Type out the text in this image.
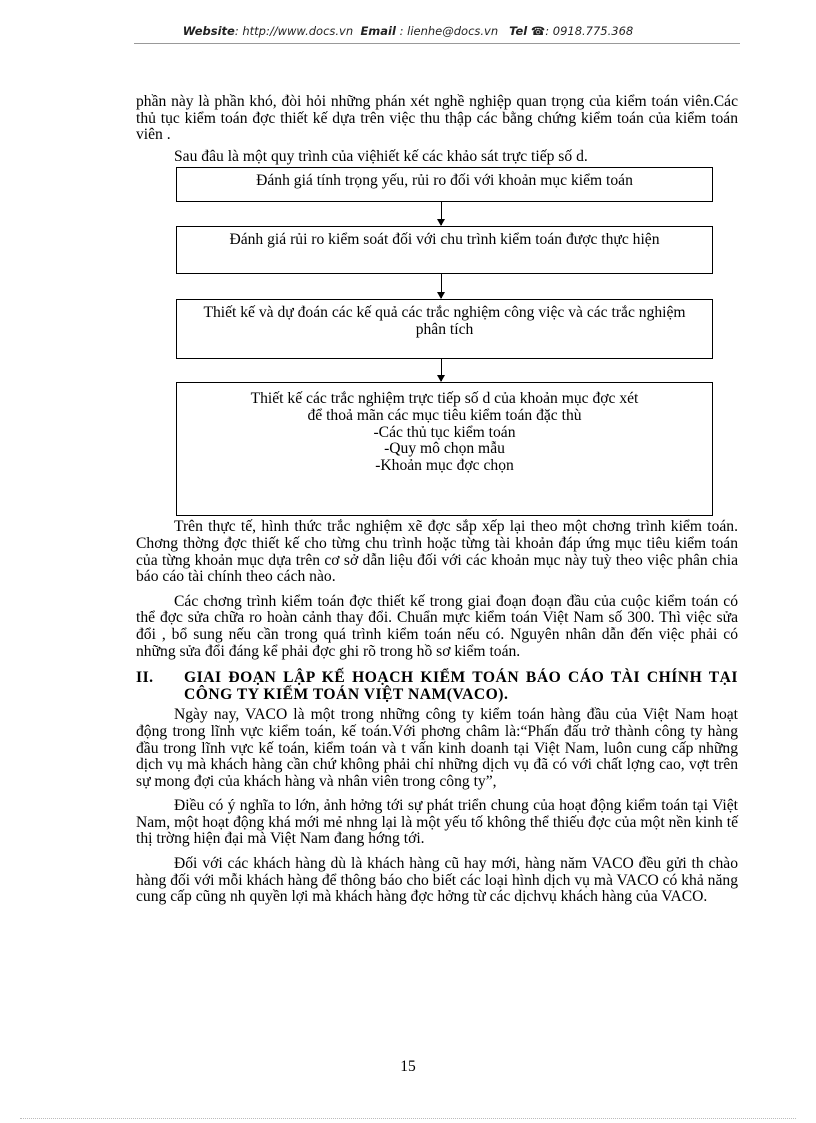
Website: http://www.docs.vn Email : lienhe@docs.vn Tel ☎: 0918.775.368

phần này là phần khó, đòi hỏi những phán xét nghề nghiệp quan trọng của kiểm toán viên.Các thủ tục kiểm toán đợc thiết kế dựa trên việc thu thập các bằng chứng kiểm toán của kiểm toán viên .

Sau đâu là một quy trình của việhiết kế các khảo sát trực tiếp số d.

Đánh giá tính trọng yếu, rủi ro đối với khoản mục kiểm toán
Đánh giá rủi ro kiểm soát đối với chu trình kiểm toán được thực hiện
Thiết kế và dự đoán các kế quả các trắc nghiệm công việc và các trắc nghiệm phân tích
Thiết kế các trắc nghiệm trực tiếp số d của khoản mục đợc xét
để thoả mãn các mục tiêu kiểm toán đặc thù
-Các thủ tục kiểm toán
-Quy mô chọn mẫu
-Khoản mục đợc chọn

Trên thực tế, hình thức trắc nghiệm xẽ đợc sắp xếp lại theo một chơng trình kiểm toán. Chơng thờng đợc thiết kế cho từng chu trình hoặc từng tài khoản đáp ứng mục tiêu kiểm toán của từng khoản mục dựa trên cơ sở dẫn liệu đối với các khoản mục này tuỳ theo việc phân chia báo cáo tài chính theo cách nào.

Các chơng trình kiểm toán đợc thiết kế trong giai đoạn đoạn đầu của cuộc kiểm toán có thể đợc sửa chữa ro hoàn cảnh thay đổi. Chuẩn mực kiểm toán Việt Nam số 300. Thì việc sửa đổi , bổ sung nếu cần trong quá trình kiểm toán nếu có. Nguyên nhân dẫn đến việc phải có những sửa đổi đáng kể phải đợc ghi rõ trong hồ sơ kiểm toán.

II.	GIAI ĐOẠN LẬP KẾ HOẠCH KIỂM TOÁN BÁO CÁO TÀI CHÍNH TẠI CÔNG TY KIỂM TOÁN VIỆT NAM(VACO).

Ngày nay, VACO là một trong những công ty kiểm toán hàng đầu của Việt Nam hoạt động trong lĩnh vực kiểm toán, kế toán.Với phơng châm là:“Phấn đấu trở thành công ty hàng đầu trong lĩnh vực kế toán, kiểm toán và t vấn kinh doanh tại Việt Nam, luôn cung cấp những dịch vụ mà khách hàng cần chứ không phải chỉ những dịch vụ đã có với chất lợng cao, vợt trên sự mong đợi của khách hàng và nhân viên trong công ty”,

Điều có ý nghĩa to lớn, ảnh hởng tới sự phát triển chung của hoạt động kiểm toán tại Việt Nam, một hoạt động khá mới mẻ nhng lại là một yếu tố không thể thiếu đợc của một nền kinh tế thị trờng hiện đại mà Việt Nam đang hớng tới.

Đối với các khách hàng dù là khách hàng cũ hay mới, hàng năm VACO đều gửi th chào hàng đối với mỗi khách hàng để thông báo cho biết các loại hình dịch vụ mà VACO có khả năng cung cấp cũng nh quyền lợi mà khách hàng đợc hởng từ các dịchvụ khách hàng của VACO.

15
